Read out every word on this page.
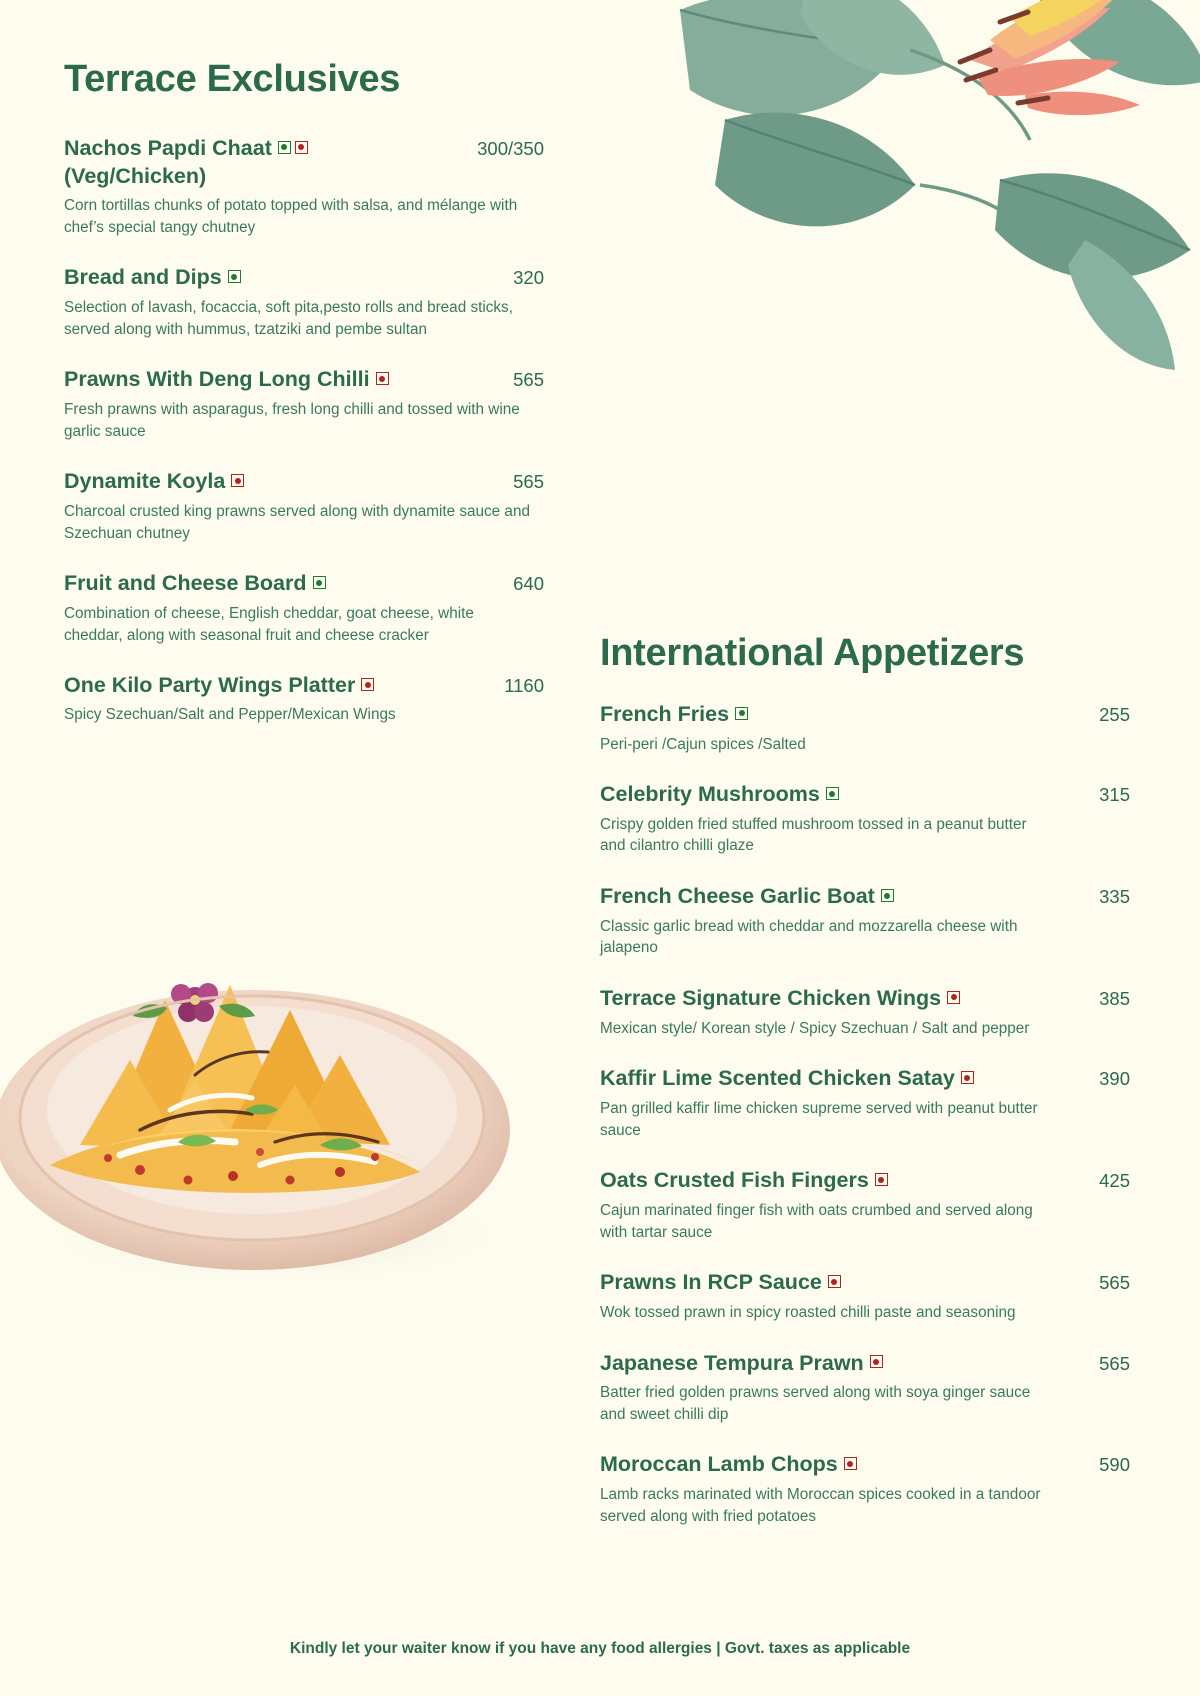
Terrace Exclusives
Nachos Papdi Chaat
(Veg/Chicken)
300/350
Corn tortillas chunks of potato topped with salsa, and mélange with chef’s special tangy chutney
Bread and Dips	320
Selection of lavash, focaccia, soft pita,pesto rolls and bread sticks, served along with hummus, tzatziki and pembe sultan
Prawns With Deng Long Chilli	565
Fresh prawns with asparagus, fresh long chilli and tossed with wine garlic sauce
Dynamite Koyla	565
Charcoal crusted king prawns served along with dynamite sauce and Szechuan chutney
Fruit and Cheese Board	640
Combination of cheese, English cheddar, goat cheese, white cheddar, along with seasonal fruit and cheese cracker
One Kilo Party Wings Platter	1160
Spicy Szechuan/Salt and Pepper/Mexican Wings
International Appetizers
French Fries	255
Peri-peri /Cajun spices /Salted
Celebrity Mushrooms	315
Crispy golden fried stuffed mushroom tossed in a peanut butter and cilantro chilli glaze
French Cheese Garlic Boat	335
Classic garlic bread with cheddar and mozzarella cheese with jalapeno
Terrace Signature Chicken Wings	385
Mexican style/ Korean style / Spicy Szechuan / Salt and pepper
Kaffir Lime Scented Chicken Satay	390
Pan grilled kaffir lime chicken supreme served with peanut butter sauce
Oats Crusted Fish Fingers	425
Cajun marinated finger fish with oats crumbed and served along with tartar sauce
Prawns In RCP Sauce	565
Wok tossed prawn in spicy roasted chilli paste and seasoning
Japanese Tempura Prawn	565
Batter fried golden prawns served along with soya ginger sauce and sweet chilli dip
Moroccan Lamb Chops	590
Lamb racks marinated with Moroccan spices cooked in a tandoor served along with fried potatoes
Kindly let your waiter know if you have any food allergies | Govt. taxes as applicable
